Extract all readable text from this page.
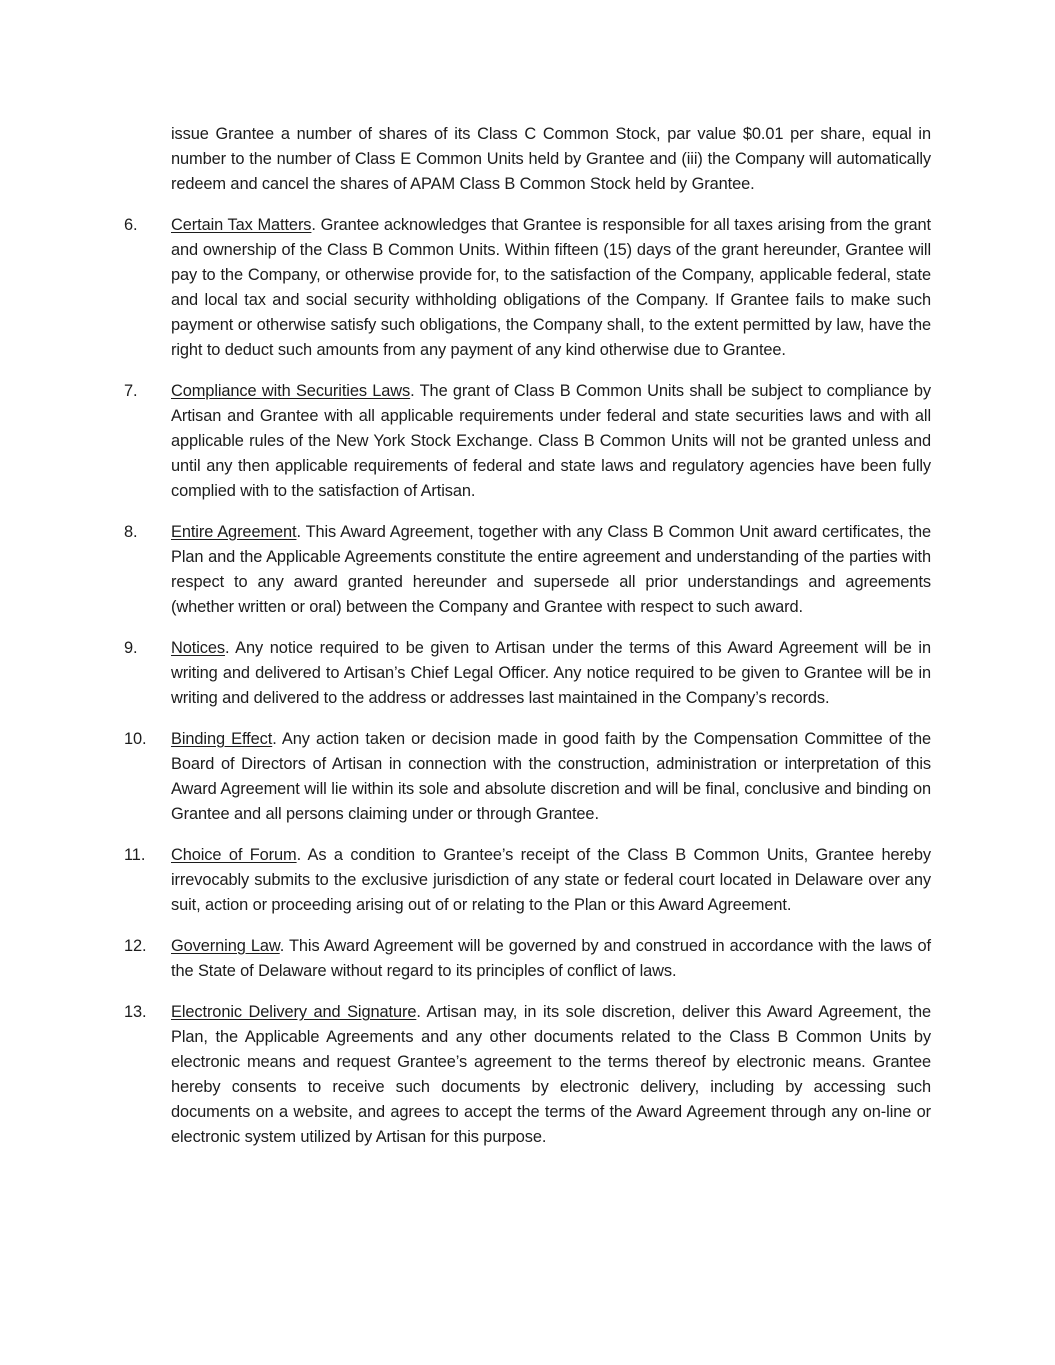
issue Grantee a number of shares of its Class C Common Stock, par value $0.01 per share, equal in number to the number of Class E Common Units held by Grantee and (iii) the Company will automatically redeem and cancel the shares of APAM Class B Common Stock held by Grantee.

6.	Certain Tax Matters. Grantee acknowledges that Grantee is responsible for all taxes arising from the grant and ownership of the Class B Common Units. Within fifteen (15) days of the grant hereunder, Grantee will pay to the Company, or otherwise provide for, to the satisfaction of the Company, applicable federal, state and local tax and social security withholding obligations of the Company. If Grantee fails to make such payment or otherwise satisfy such obligations, the Company shall, to the extent permitted by law, have the right to deduct such amounts from any payment of any kind otherwise due to Grantee.

7.	Compliance with Securities Laws. The grant of Class B Common Units shall be subject to compliance by Artisan and Grantee with all applicable requirements under federal and state securities laws and with all applicable rules of the New York Stock Exchange. Class B Common Units will not be granted unless and until any then applicable requirements of federal and state laws and regulatory agencies have been fully complied with to the satisfaction of Artisan.

8.	Entire Agreement. This Award Agreement, together with any Class B Common Unit award certificates, the Plan and the Applicable Agreements constitute the entire agreement and understanding of the parties with respect to any award granted hereunder and supersede all prior understandings and agreements (whether written or oral) between the Company and Grantee with respect to such award.

9.	Notices. Any notice required to be given to Artisan under the terms of this Award Agreement will be in writing and delivered to Artisan’s Chief Legal Officer. Any notice required to be given to Grantee will be in writing and delivered to the address or addresses last maintained in the Company’s records.

10.	Binding Effect. Any action taken or decision made in good faith by the Compensation Committee of the Board of Directors of Artisan in connection with the construction, administration or interpretation of this Award Agreement will lie within its sole and absolute discretion and will be final, conclusive and binding on Grantee and all persons claiming under or through Grantee.

11.	Choice of Forum. As a condition to Grantee’s receipt of the Class B Common Units, Grantee hereby irrevocably submits to the exclusive jurisdiction of any state or federal court located in Delaware over any suit, action or proceeding arising out of or relating to the Plan or this Award Agreement.

12.	Governing Law. This Award Agreement will be governed by and construed in accordance with the laws of the State of Delaware without regard to its principles of conflict of laws.

13.	Electronic Delivery and Signature. Artisan may, in its sole discretion, deliver this Award Agreement, the Plan, the Applicable Agreements and any other documents related to the Class B Common Units by electronic means and request Grantee’s agreement to the terms thereof by electronic means. Grantee hereby consents to receive such documents by electronic delivery, including by accessing such documents on a website, and agrees to accept the terms of the Award Agreement through any on-line or electronic system utilized by Artisan for this purpose.
